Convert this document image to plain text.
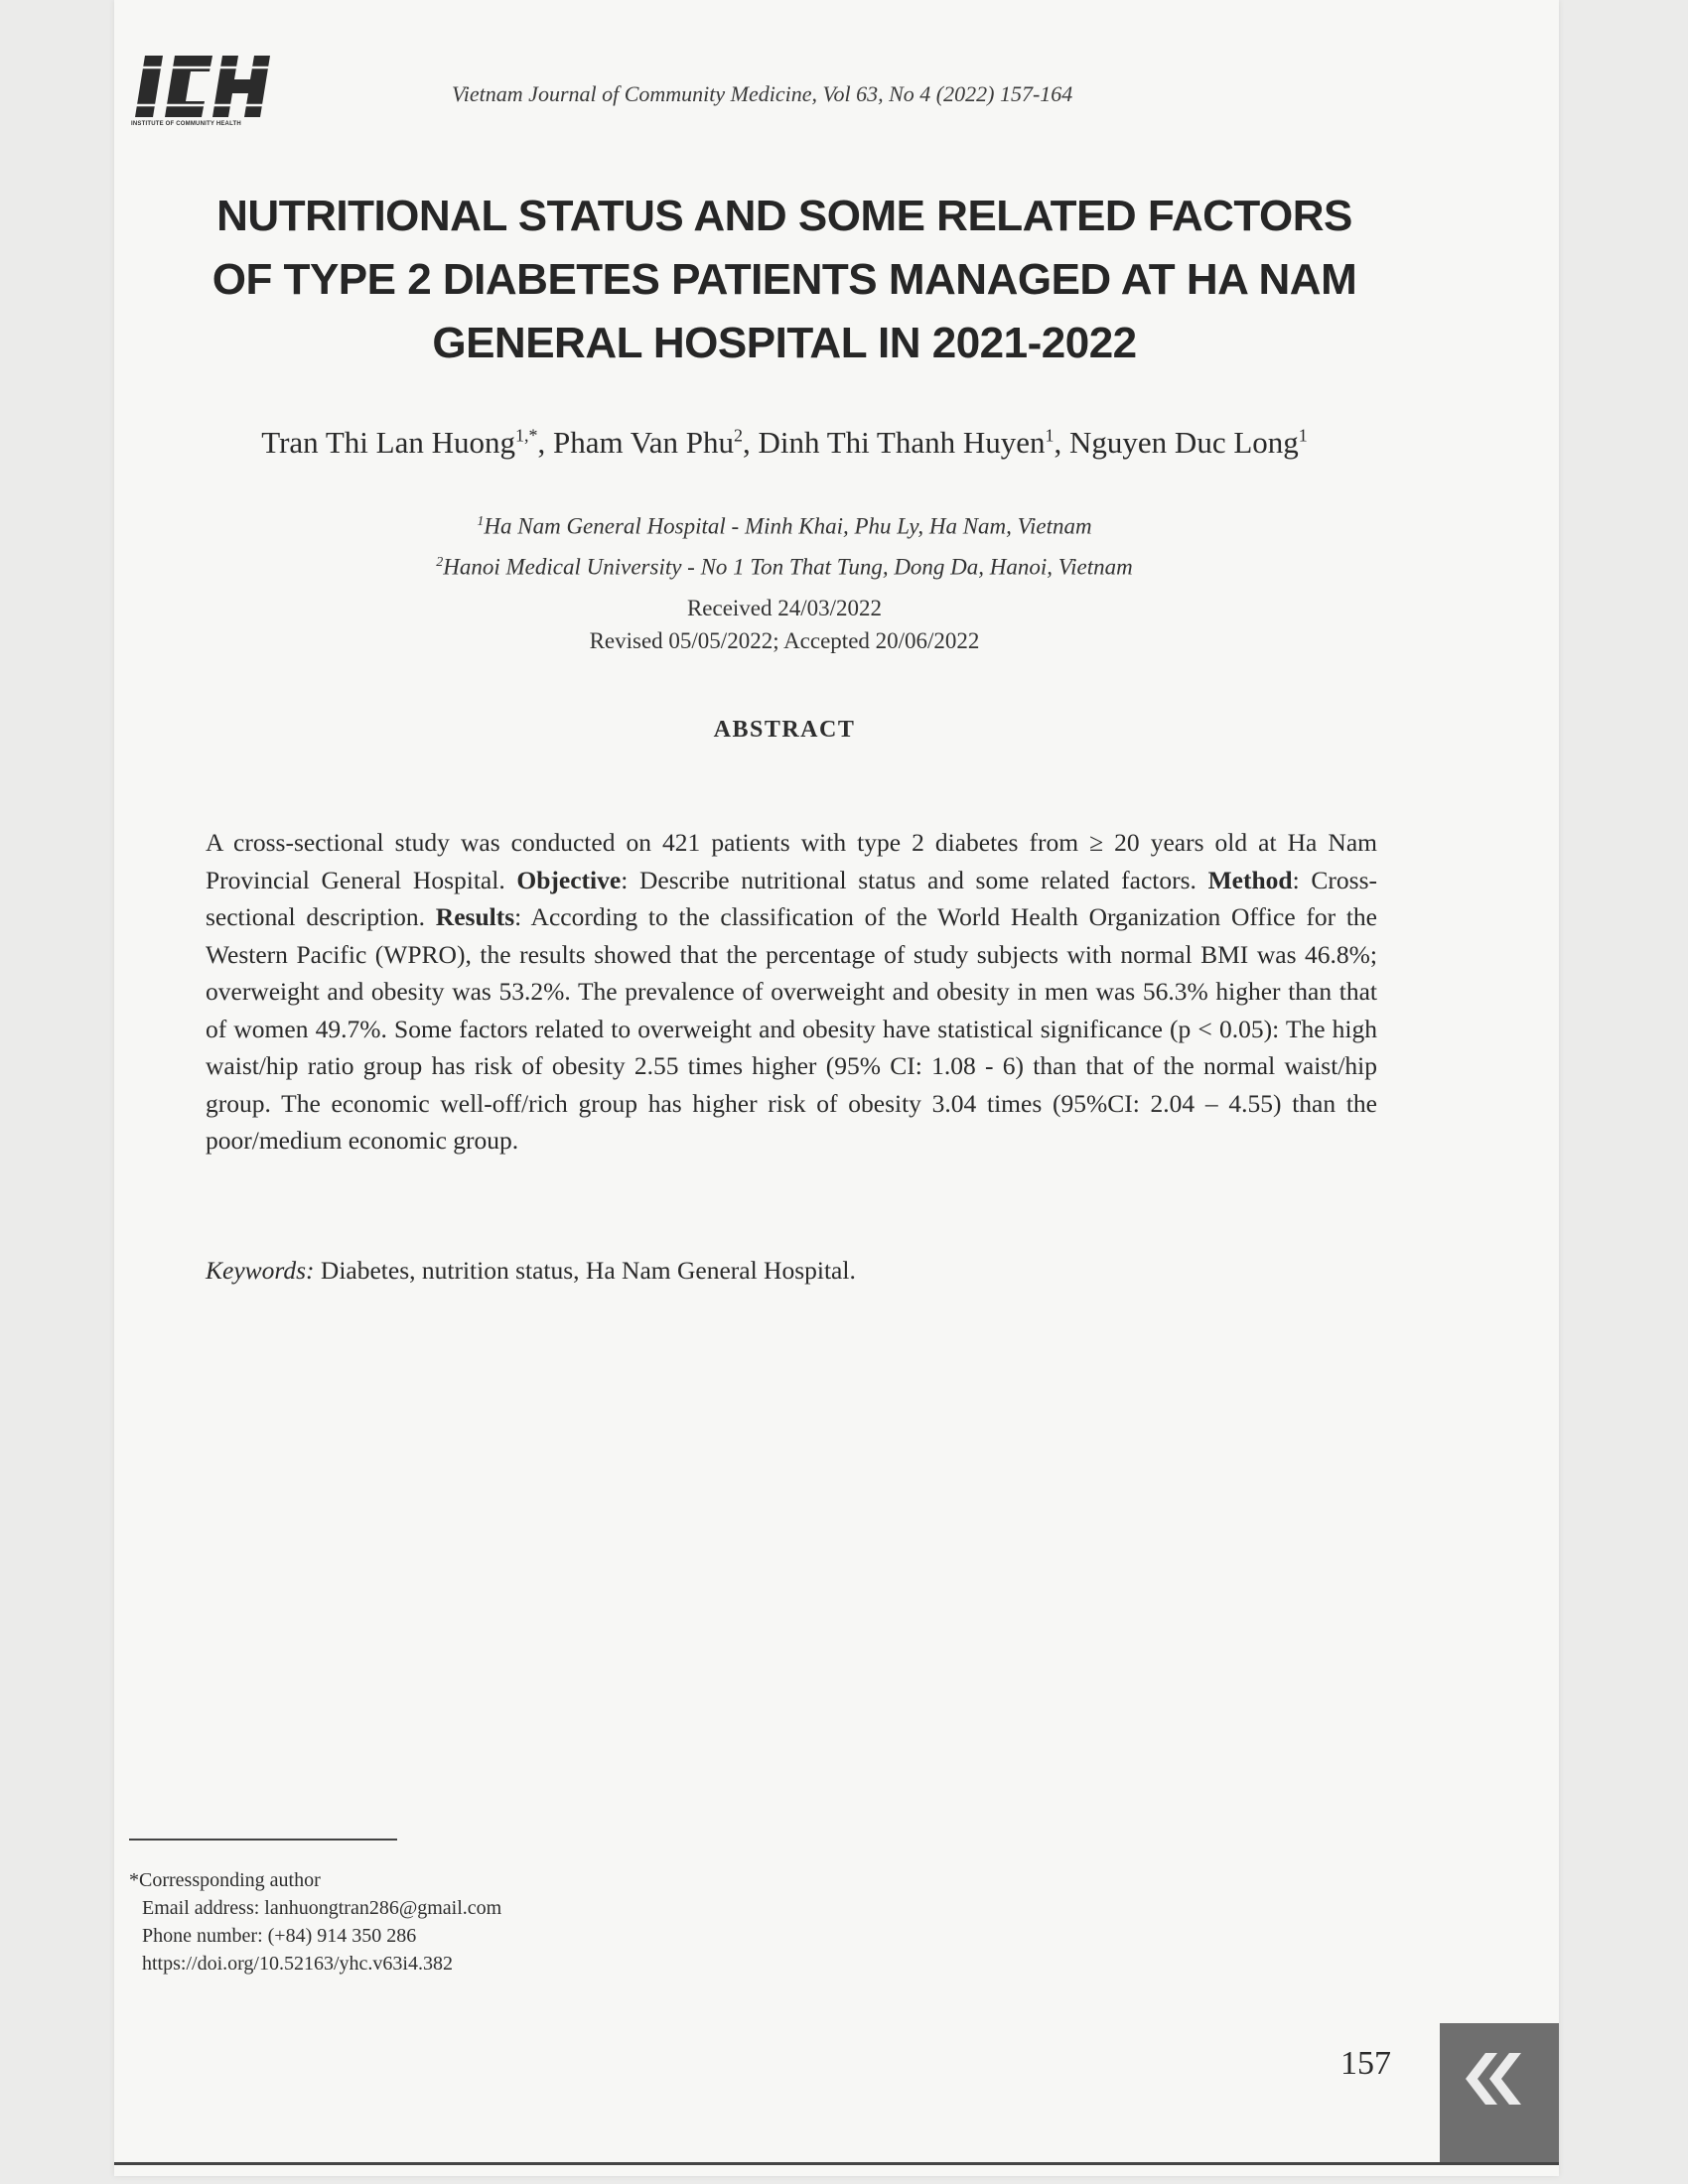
INSTITUTE OF COMMUNITY HEALTH
Vietnam Journal of Community Medicine, Vol 63, No 4 (2022) 157-164
NUTRITIONAL STATUS AND SOME RELATED FACTORS
OF TYPE 2 DIABETES PATIENTS MANAGED AT HA NAM
GENERAL HOSPITAL IN 2021-2022
Tran Thi Lan Huong$^{1,*}$, Pham Van Phu$^2$, Dinh Thi Thanh Huyen$^1$, Nguyen Duc Long$^1$
$^1$Ha Nam General Hospital - Minh Khai, Phu Ly, Ha Nam, Vietnam
$^2$Hanoi Medical University - No 1 Ton That Tung, Dong Da, Hanoi, Vietnam
Received 24/03/2022
Revised 05/05/2022; Accepted 20/06/2022
ABSTRACT
A cross-sectional study was conducted on 421 patients with type 2 diabetes from ≥ 20 years old at Ha Nam Provincial General Hospital. Objective: Describe nutritional status and some related factors. Method: Cross-sectional description. Results: According to the classification of the World Health Organization Office for the Western Pacific (WPRO), the results showed that the percentage of study subjects with normal BMI was 46.8%; overweight and obesity was 53.2%. The prevalence of overweight and obesity in men was 56.3% higher than that of women 49.7%. Some factors related to overweight and obesity have statistical significance (p < 0.05): The high waist/hip ratio group has risk of obesity 2.55 times higher (95% CI: 1.08 - 6) than that of the normal waist/hip group. The economic well-off/rich group has higher risk of obesity 3.04 times (95%CI: 2.04 – 4.55) than the poor/medium economic group.
Keywords: Diabetes, nutrition status, Ha Nam General Hospital.
*Corressponding author
Email address: lanhuongtran286@gmail.com
Phone number: (+84) 914 350 286
https://doi.org/10.52163/yhc.v63i4.382
157
